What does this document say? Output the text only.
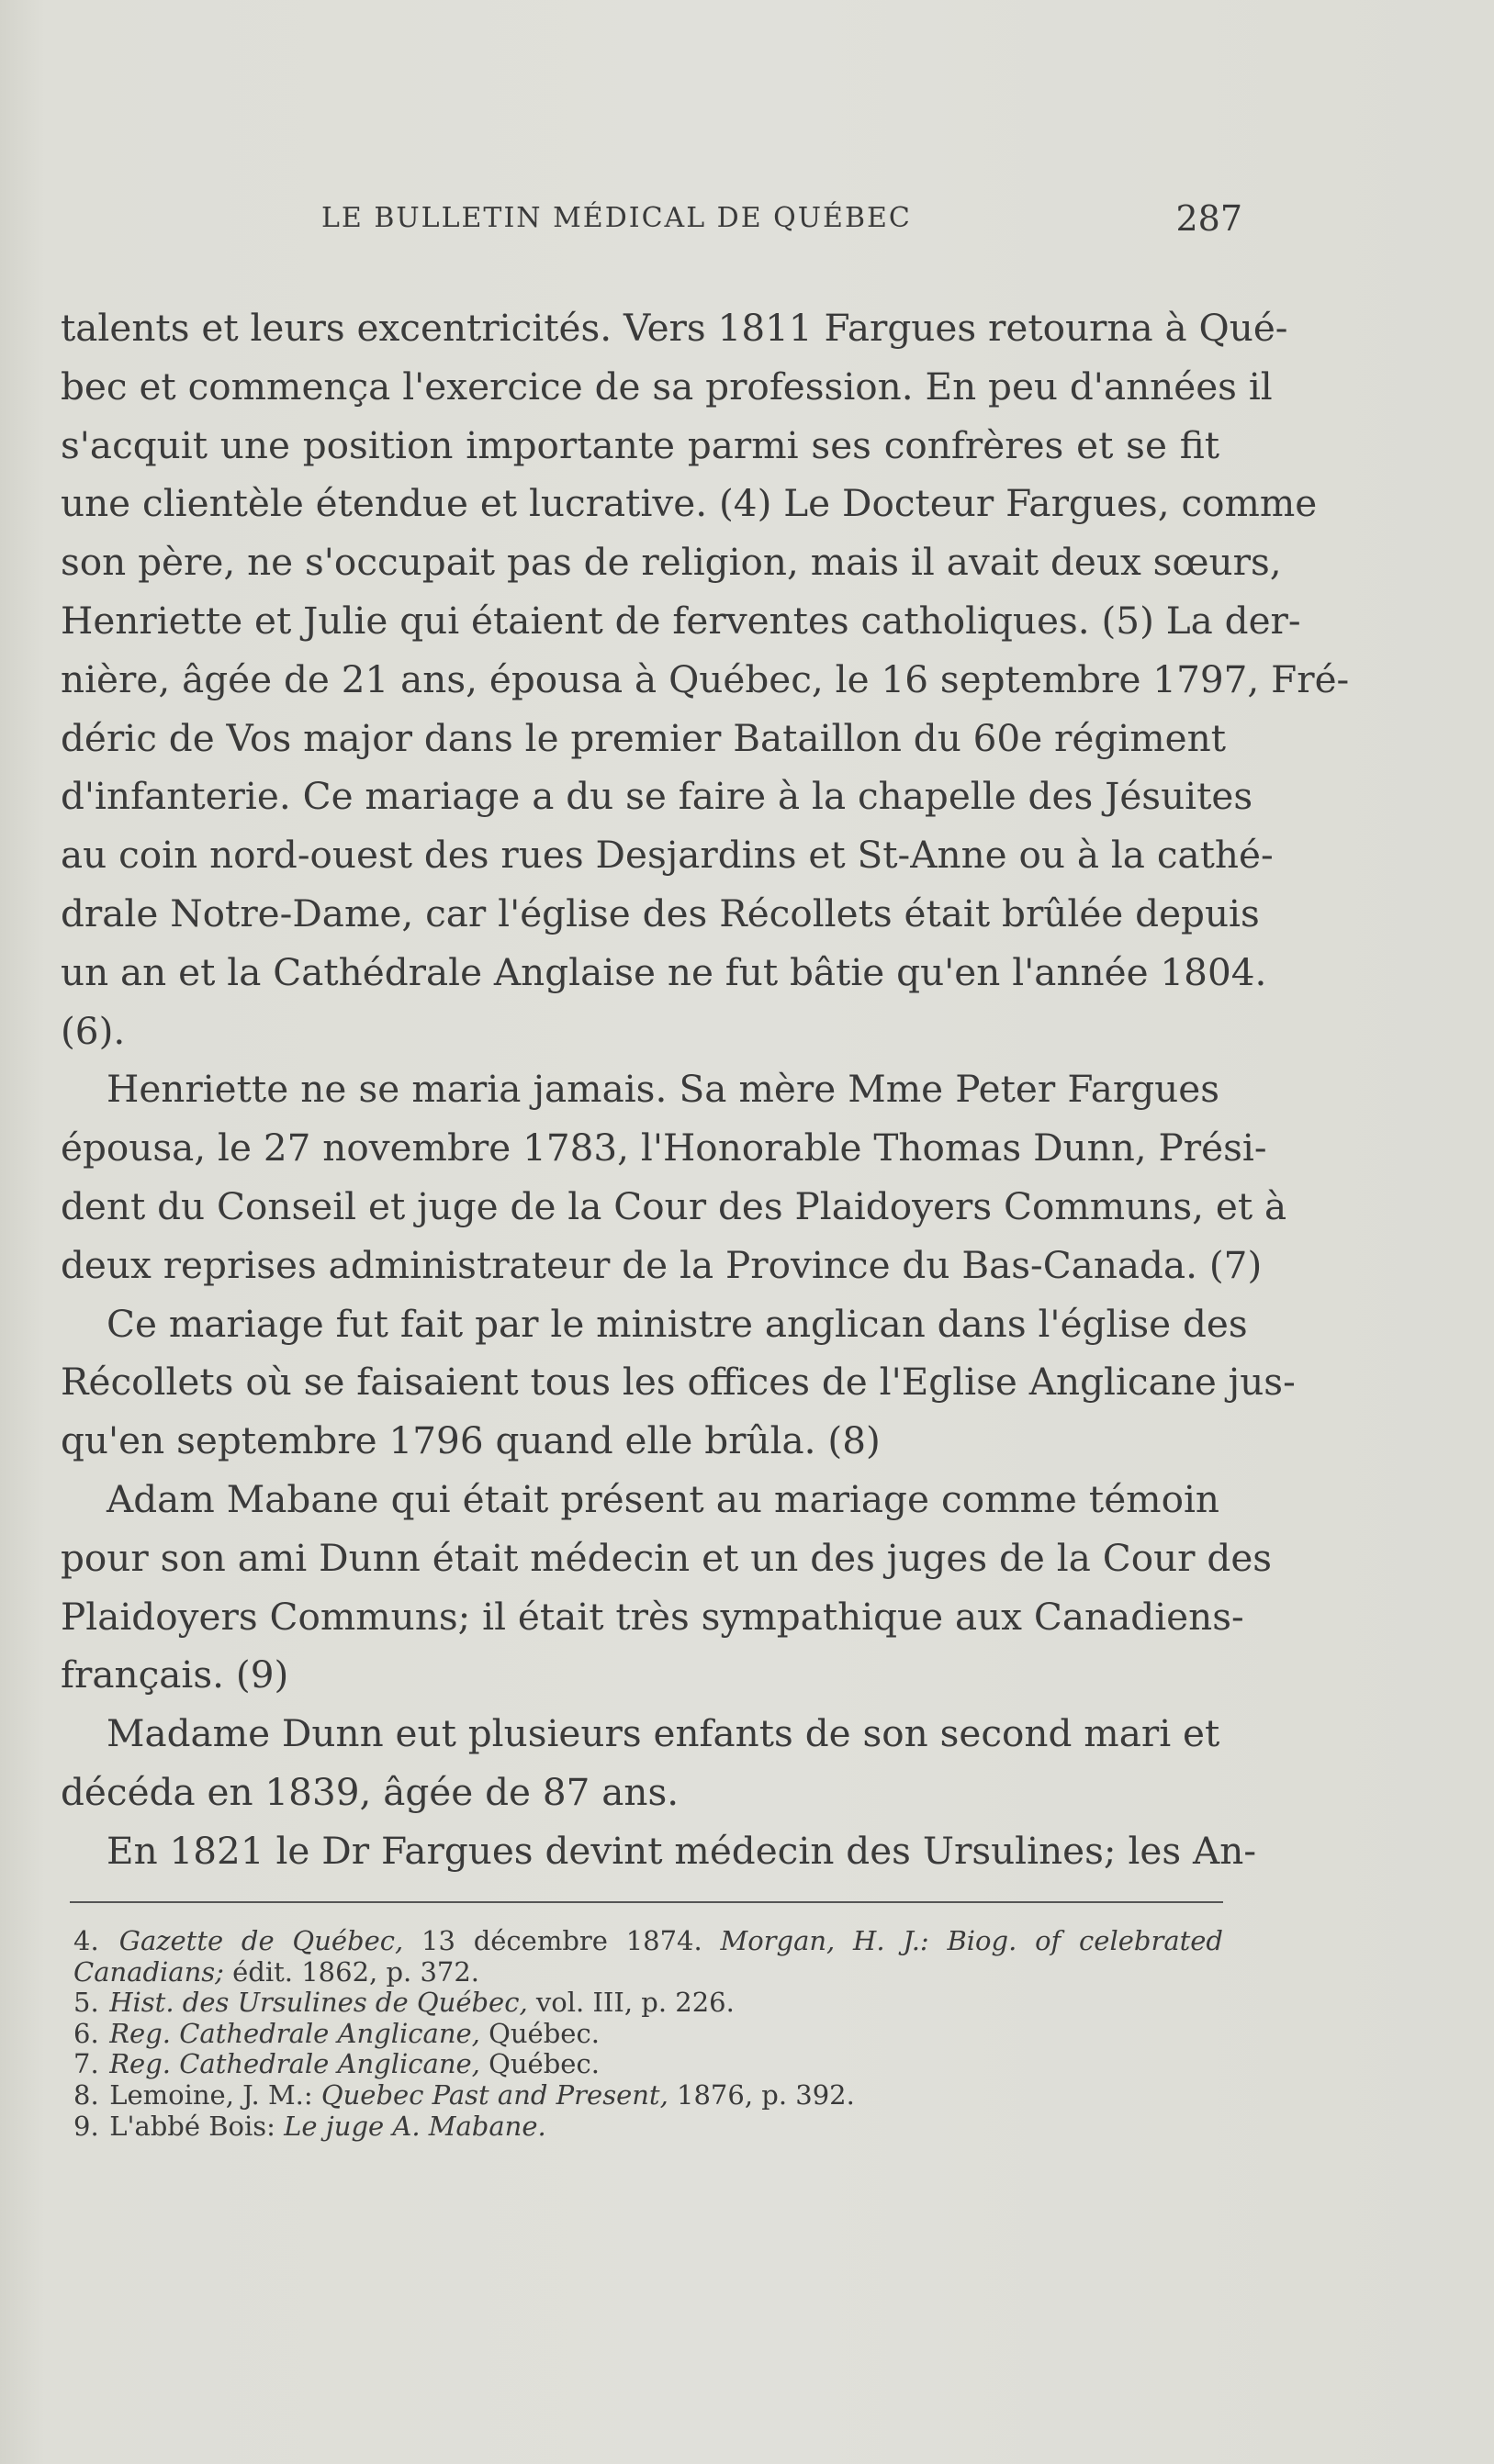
LE BULLETIN MÉDICAL DE QUÉBEC	287
talents et leurs excentricités. Vers 1811 Fargues retourna à Qué-
bec et commença l'exercice de sa profession. En peu d'années il
s'acquit une position importante parmi ses confrères et se fit
une clientèle étendue et lucrative. (4) Le Docteur Fargues, comme
son père, ne s'occupait pas de religion, mais il avait deux sœurs,
Henriette et Julie qui étaient de ferventes catholiques. (5) La der-
nière, âgée de 21 ans, épousa à Québec, le 16 septembre 1797, Fré-
déric de Vos major dans le premier Bataillon du 60e régiment
d'infanterie. Ce mariage a du se faire à la chapelle des Jésuites
au coin nord-ouest des rues Desjardins et St-Anne ou à la cathé-
drale Notre-Dame, car l'église des Récollets était brûlée depuis
un an et la Cathédrale Anglaise ne fut bâtie qu'en l'année 1804.
(6).
Henriette ne se maria jamais. Sa mère Mme Peter Fargues
épousa, le 27 novembre 1783, l'Honorable Thomas Dunn, Prési-
dent du Conseil et juge de la Cour des Plaidoyers Communs, et à
deux reprises administrateur de la Province du Bas-Canada. (7)
Ce mariage fut fait par le ministre anglican dans l'église des
Récollets où se faisaient tous les offices de l'Eglise Anglicane jus-
qu'en septembre 1796 quand elle brûla. (8)
Adam Mabane qui était présent au mariage comme témoin
pour son ami Dunn était médecin et un des juges de la Cour des
Plaidoyers Communs; il était très sympathique aux Canadiens-
français. (9)
Madame Dunn eut plusieurs enfants de son second mari et
décéda en 1839, âgée de 87 ans.
En 1821 le Dr Fargues devint médecin des Ursulines; les An-
4. Gazette de Québec, 13 décembre 1874. Morgan, H. J.: Biog. of celebrated
Canadians; édit. 1862, p. 372.
5. Hist. des Ursulines de Québec, vol. III, p. 226.
6. Reg. Cathedrale Anglicane, Québec.
7. Reg. Cathedrale Anglicane, Québec.
8. Lemoine, J. M.: Quebec Past and Present, 1876, p. 392.
9. L'abbé Bois: Le juge A. Mabane.
